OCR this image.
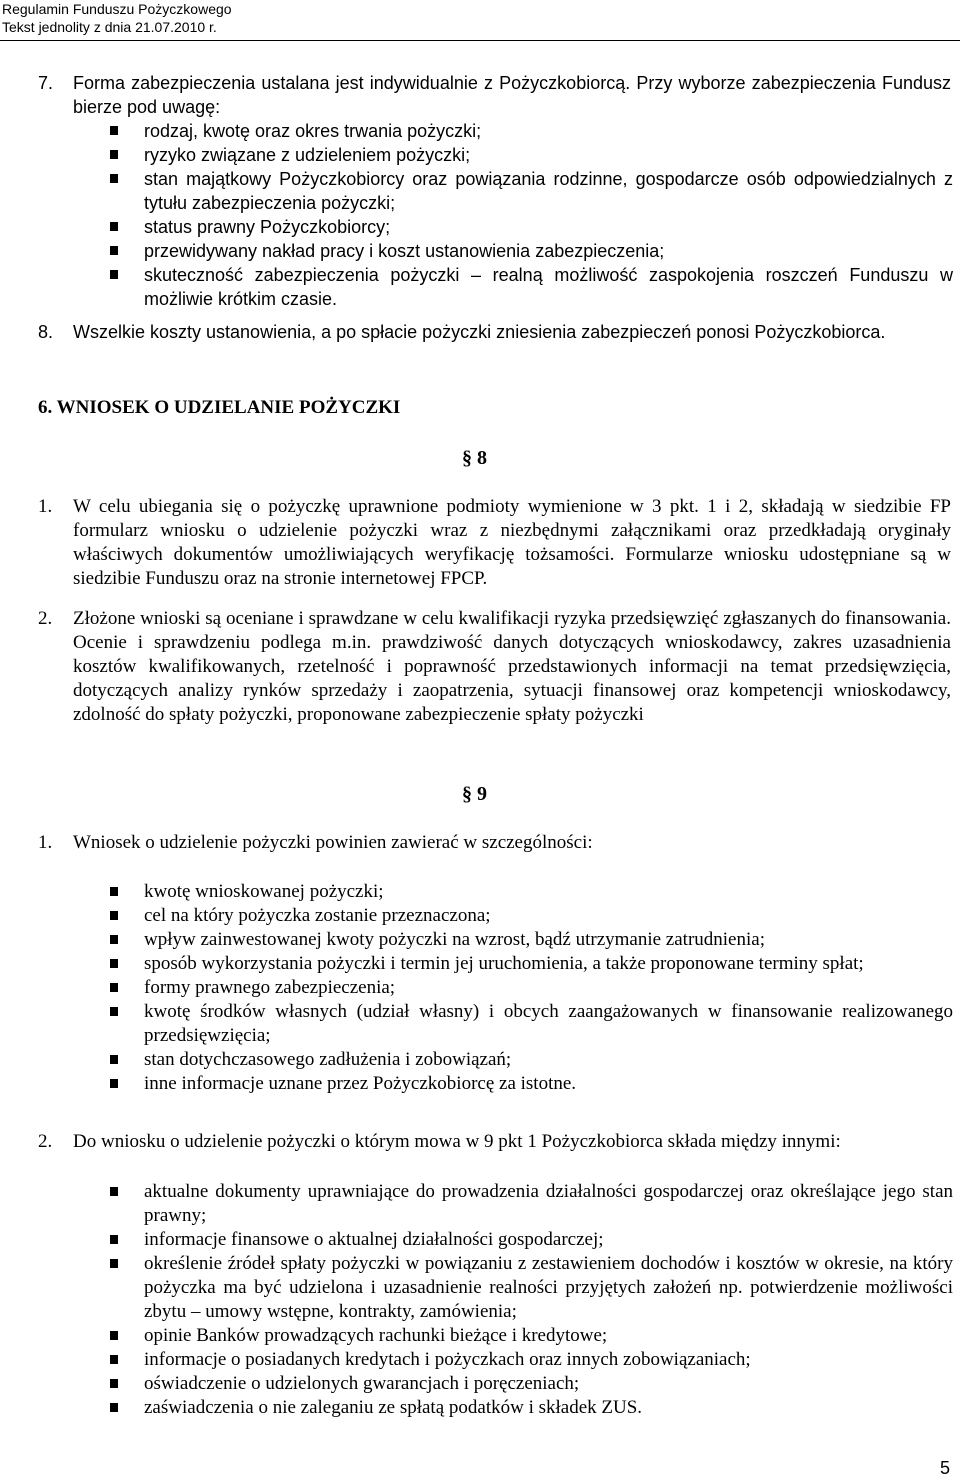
Regulamin Funduszu Pożyczkowego
Tekst jednolity z dnia 21.07.2010 r.
7. Forma zabezpieczenia ustalana jest indywidualnie z Pożyczkobiorcą. Przy wyborze zabezpieczenia Fundusz bierze pod uwagę:
rodzaj, kwotę oraz okres trwania pożyczki;
ryzyko związane z udzieleniem pożyczki;
stan majątkowy Pożyczkobiorcy oraz powiązania rodzinne, gospodarcze osób odpowiedzialnych z tytułu zabezpieczenia pożyczki;
status prawny Pożyczkobiorcy;
przewidywany nakład pracy i koszt ustanowienia zabezpieczenia;
skuteczność zabezpieczenia pożyczki – realną możliwość zaspokojenia roszczeń Funduszu w możliwie krótkim czasie.
8. Wszelkie koszty ustanowienia, a po spłacie pożyczki zniesienia zabezpieczeń ponosi Pożyczkobiorca.
6. WNIOSEK O UDZIELANIE POŻYCZKI
§ 8
1. W celu ubiegania się o pożyczkę uprawnione podmioty wymienione w 3 pkt. 1 i 2, składają w siedzibie FP formularz wniosku o udzielenie pożyczki wraz z niezbędnymi załącznikami oraz przedkładają oryginały właściwych dokumentów umożliwiających weryfikację tożsamości. Formularze wniosku udostępniane są w siedzibie Funduszu oraz na stronie internetowej FPCP.
2. Złożone wnioski są oceniane i sprawdzane w celu kwalifikacji ryzyka przedsięwzięć zgłaszanych do finansowania. Ocenie i sprawdzeniu podlega m.in. prawdziwość danych dotyczących wnioskodawcy, zakres uzasadnienia kosztów kwalifikowanych, rzetelność i poprawność przedstawionych informacji na temat przedsięwzięcia, dotyczących analizy rynków sprzedaży i zaopatrzenia, sytuacji finansowej oraz kompetencji wnioskodawcy, zdolność do spłaty pożyczki, proponowane zabezpieczenie spłaty pożyczki
§ 9
1. Wniosek o udzielenie pożyczki powinien zawierać w szczególności:
kwotę wnioskowanej pożyczki;
cel na który pożyczka zostanie przeznaczona;
wpływ zainwestowanej kwoty pożyczki na wzrost, bądź utrzymanie zatrudnienia;
sposób wykorzystania pożyczki i termin jej uruchomienia, a także proponowane terminy spłat;
formy prawnego zabezpieczenia;
kwotę środków własnych (udział własny) i obcych zaangażowanych w finansowanie realizowanego przedsięwzięcia;
stan dotychczasowego zadłużenia i zobowiązań;
inne informacje uznane przez Pożyczkobiorcę za istotne.
2. Do wniosku o udzielenie pożyczki o którym mowa w 9 pkt 1 Pożyczkobiorca składa między innymi:
aktualne dokumenty uprawniające do prowadzenia działalności gospodarczej oraz określające jego stan prawny;
informacje finansowe o aktualnej działalności gospodarczej;
określenie źródeł spłaty pożyczki w powiązaniu z zestawieniem dochodów i kosztów w okresie, na który pożyczka ma być udzielona i uzasadnienie realności przyjętych założeń np. potwierdzenie możliwości zbytu – umowy wstępne, kontrakty, zamówienia;
opinie Banków prowadzących rachunki bieżące i kredytowe;
informacje o posiadanych kredytach i pożyczkach oraz innych zobowiązaniach;
oświadczenie o udzielonych gwarancjach i poręczeniach;
zaświadczenia o nie zaleganiu ze spłatą podatków i składek ZUS.
5
